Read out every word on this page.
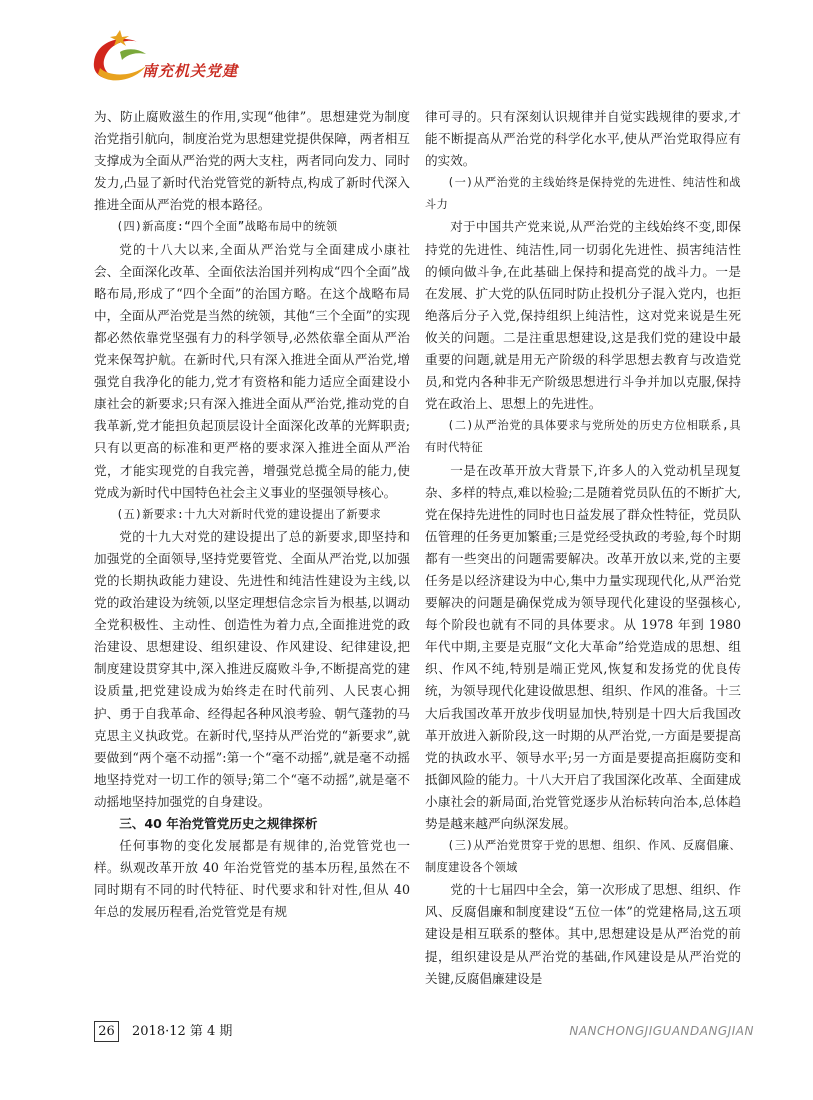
南充机关党建

为、防止腐败滋生的作用,实现“他律”。思想建党为制度治党指引航向，制度治党为思想建党提供保障，两者相互支撑成为全面从严治党的两大支柱，两者同向发力、同时发力,凸显了新时代治党管党的新特点,构成了新时代深入推进全面从严治党的根本路径。

(四)新高度:“四个全面”战略布局中的统领

党的十八大以来,全面从严治党与全面建成小康社会、全面深化改革、全面依法治国并列构成“四个全面”战略布局,形成了“四个全面”的治国方略。在这个战略布局中，全面从严治党是当然的统领，其他“三个全面”的实现都必然依靠党坚强有力的科学领导,必然依靠全面从严治党来保驾护航。在新时代,只有深入推进全面从严治党,增强党自我净化的能力,党才有资格和能力适应全面建设小康社会的新要求;只有深入推进全面从严治党,推动党的自我革新,党才能担负起顶层设计全面深化改革的光辉职责;只有以更高的标准和更严格的要求深入推进全面从严治党，才能实现党的自我完善，增强党总揽全局的能力,使党成为新时代中国特色社会主义事业的坚强领导核心。

(五)新要求:十九大对新时代党的建设提出了新要求

党的十九大对党的建设提出了总的新要求,即坚持和加强党的全面领导,坚持党要管党、全面从严治党,以加强党的长期执政能力建设、先进性和纯洁性建设为主线,以党的政治建设为统领,以坚定理想信念宗旨为根基,以调动全党积极性、主动性、创造性为着力点,全面推进党的政治建设、思想建设、组织建设、作风建设、纪律建设,把制度建设贯穿其中,深入推进反腐败斗争,不断提高党的建设质量,把党建设成为始终走在时代前列、人民衷心拥护、勇于自我革命、经得起各种风浪考验、朝气蓬勃的马克思主义执政党。在新时代,坚持从严治党的“新要求”,就要做到“两个毫不动摇”:第一个“毫不动摇”,就是毫不动摇地坚持党对一切工作的领导;第二个“毫不动摇”,就是毫不动摇地坚持加强党的自身建设。

三、40 年治党管党历史之规律探析

任何事物的变化发展都是有规律的,治党管党也一样。纵观改革开放 40 年治党管党的基本历程,虽然在不同时期有不同的时代特征、时代要求和针对性,但从 40 年总的发展历程看,治党管党是有规

律可寻的。只有深刻认识规律并自觉实践规律的要求,才能不断提高从严治党的科学化水平,使从严治党取得应有的实效。

(一)从严治党的主线始终是保持党的先进性、纯洁性和战斗力

对于中国共产党来说,从严治党的主线始终不变,即保持党的先进性、纯洁性,同一切弱化先进性、损害纯洁性的倾向做斗争,在此基础上保持和提高党的战斗力。一是在发展、扩大党的队伍同时防止投机分子混入党内，也拒绝落后分子入党,保持组织上纯洁性，这对党来说是生死攸关的问题。二是注重思想建设,这是我们党的建设中最重要的问题,就是用无产阶级的科学思想去教育与改造党员,和党内各种非无产阶级思想进行斗争并加以克服,保持党在政治上、思想上的先进性。

(二)从严治党的具体要求与党所处的历史方位相联系,具有时代特征

一是在改革开放大背景下,许多人的入党动机呈现复杂、多样的特点,难以检验;二是随着党员队伍的不断扩大,党在保持先进性的同时也日益发展了群众性特征，党员队伍管理的任务更加繁重;三是党经受执政的考验,每个时期都有一些突出的问题需要解决。改革开放以来,党的主要任务是以经济建设为中心,集中力量实现现代化,从严治党要解决的问题是确保党成为领导现代化建设的坚强核心,每个阶段也就有不同的具体要求。从 1978 年到 1980 年代中期,主要是克服“文化大革命”给党造成的思想、组织、作风不纯,特别是端正党风,恢复和发扬党的优良传统，为领导现代化建设做思想、组织、作风的准备。十三大后我国改革开放步伐明显加快,特别是十四大后我国改革开放进入新阶段,这一时期的从严治党,一方面是要提高党的执政水平、领导水平;另一方面是要提高拒腐防变和抵御风险的能力。十八大开启了我国深化改革、全面建成小康社会的新局面,治党管党逐步从治标转向治本,总体趋势是越来越严向纵深发展。

(三)从严治党贯穿于党的思想、组织、作风、反腐倡廉、制度建设各个领域

党的十七届四中全会，第一次形成了思想、组织、作风、反腐倡廉和制度建设“五位一体”的党建格局,这五项建设是相互联系的整体。其中,思想建设是从严治党的前提，组织建设是从严治党的基础,作风建设是从严治党的关键,反腐倡廉建设是

26	2018·12 第 4 期	NANCHONGJIGUANDANGJIAN
